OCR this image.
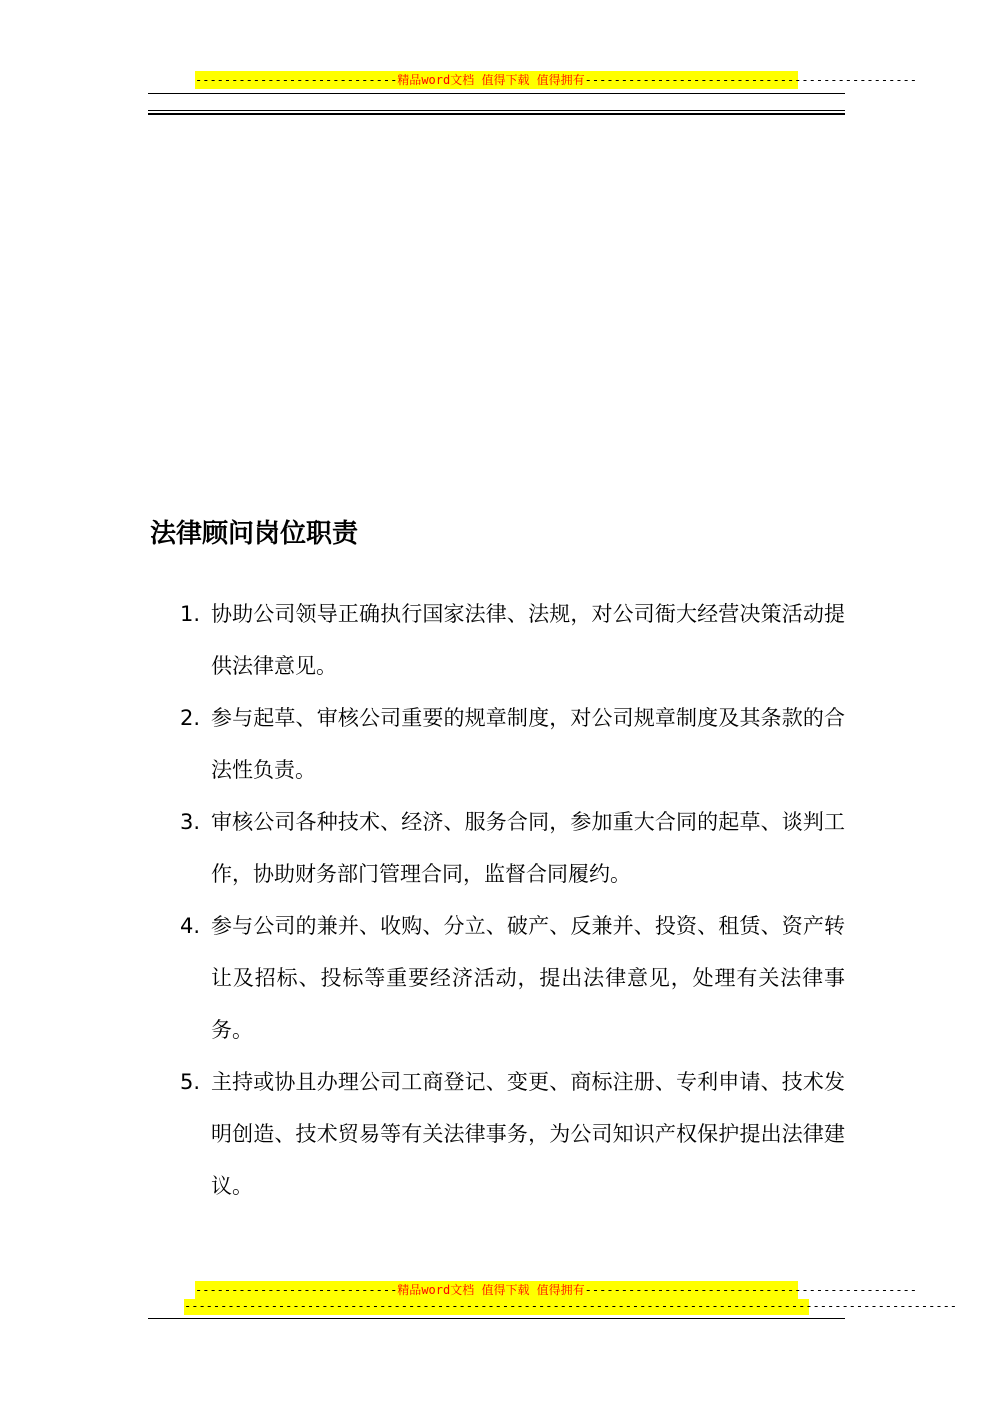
----------------------------精品word文档 值得下载 值得拥有----------------------------------------------
法律顾问岗位职责
1. 协助公司领导正确执行国家法律、法规，对公司衙大经营决策活动提供法律意见。
2. 参与起草、审核公司重要的规章制度，对公司规章制度及其条款的合法性负责。
3. 审核公司各种技术、经济、服务合同，参加重大合同的起草、谈判工作，协助财务部门管理合同，监督合同履约。
4. 参与公司的兼并、收购、分立、破产、反兼并、投资、租赁、资产转让及招标、投标等重要经济活动，提出法律意见，处理有关法律事务。
5. 主持或协且办理公司工商登记、变更、商标注册、专利申请、技术发明创造、技术贸易等有关法律事务，为公司知识产权保护提出法律建议。
----------------------------精品word文档 值得下载 值得拥有----------------------------------------------
-----------------------------------------------------------------------------------------------------------
